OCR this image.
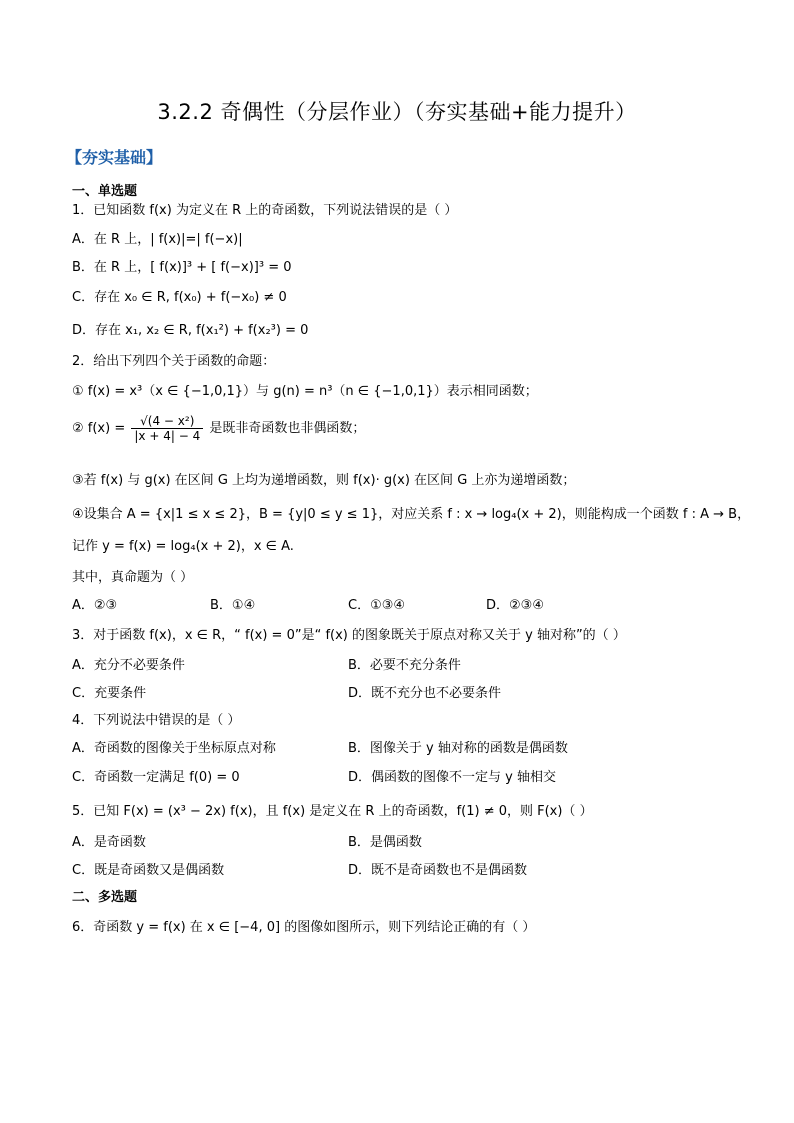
3.2.2 奇偶性（分层作业）（夯实基础+能力提升）
【夯实基础】
一、单选题
1．已知函数 f(x) 为定义在 R 上的奇函数，下列说法错误的是（ ）
A．在 R 上，| f(x)|=| f(−x)|
B．在 R 上，[ f(x)]³ + [ f(−x)]³ = 0
C．存在 x₀ ∈ R, f(x₀) + f(−x₀) ≠ 0
D．存在 x₁, x₂ ∈ R, f(x₁²) + f(x₂³) = 0
2．给出下列四个关于函数的命题：
① f(x) = x³（x ∈ {−1,0,1}）与 g(n) = n³（n ∈ {−1,0,1}）表示相同函数；
② $f(x) = \frac{\text{√(4 − x²)}}{|x + 4| - 4}$ 是既非奇函数也非偶函数；
③若 f(x) 与 g(x) 在区间 G 上均为递增函数，则 f(x)· g(x) 在区间 G 上亦为递增函数；
④设集合 A = {x|1 ≤ x ≤ 2}，B = {y|0 ≤ y ≤ 1}，对应关系 f : x → log₄(x + 2)，则能构成一个函数 f : A → B，
记作 y = f(x) = log₄(x + 2)，x ∈ A.
其中，真命题为（ ）
A．②③	B．①④	C．①③④	D．②③④
3．对于函数 f(x)，x ∈ R，“ f(x) = 0”是“ f(x) 的图象既关于原点对称又关于 y 轴对称”的（ ）
A．充分不必要条件	B．必要不充分条件
C．充要条件	D．既不充分也不必要条件
4．下列说法中错误的是（ ）
A．奇函数的图像关于坐标原点对称	B．图像关于 y 轴对称的函数是偶函数
C．奇函数一定满足 f(0) = 0	D．偶函数的图像不一定与 y 轴相交
5．已知 F(x) = (x³ − 2x) f(x)，且 f(x) 是定义在 R 上的奇函数，f(1) ≠ 0，则 F(x)（ ）
A．是奇函数	B．是偶函数
C．既是奇函数又是偶函数	D．既不是奇函数也不是偶函数
二、多选题
6．奇函数 y = f(x) 在 x ∈ [−4, 0] 的图像如图所示，则下列结论正确的有（ ）
